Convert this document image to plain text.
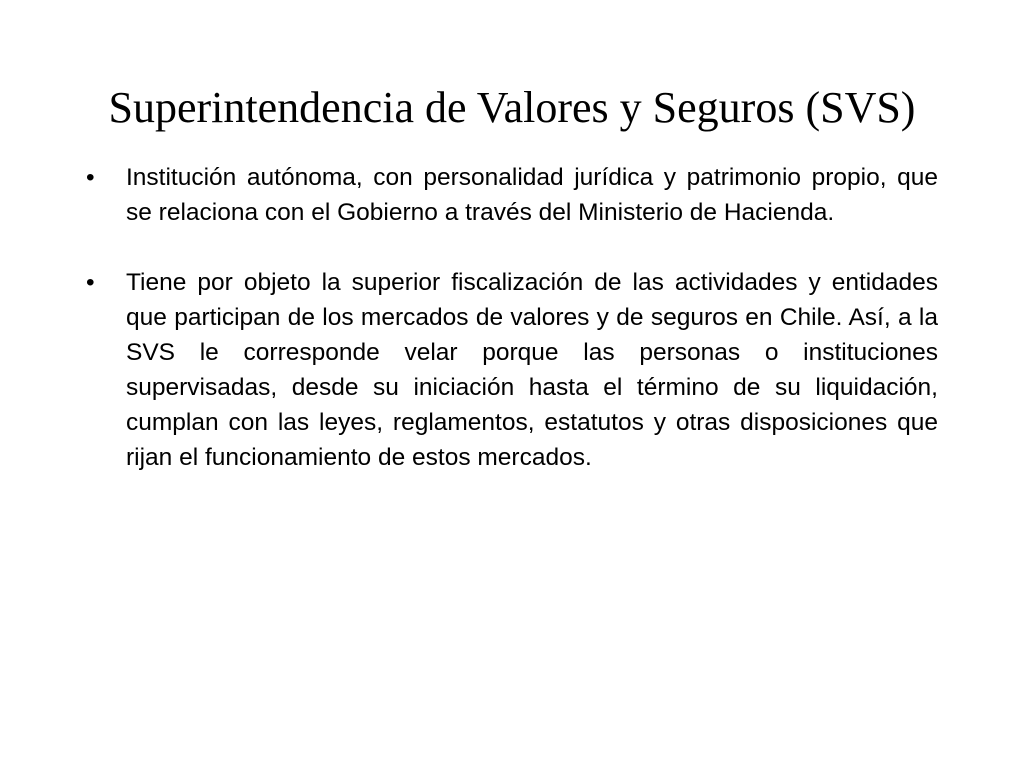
Superintendencia de Valores y Seguros (SVS)
• Institución autónoma, con personalidad jurídica y patrimonio propio, que se relaciona con el Gobierno a través del Ministerio de Hacienda.
• Tiene por objeto la superior fiscalización de las actividades y entidades que participan de los mercados de valores y de seguros en Chile. Así, a la SVS le corresponde velar porque las personas o instituciones supervisadas, desde su iniciación hasta el término de su liquidación, cumplan con las leyes, reglamentos, estatutos y otras disposiciones que rijan el funcionamiento de estos mercados.
